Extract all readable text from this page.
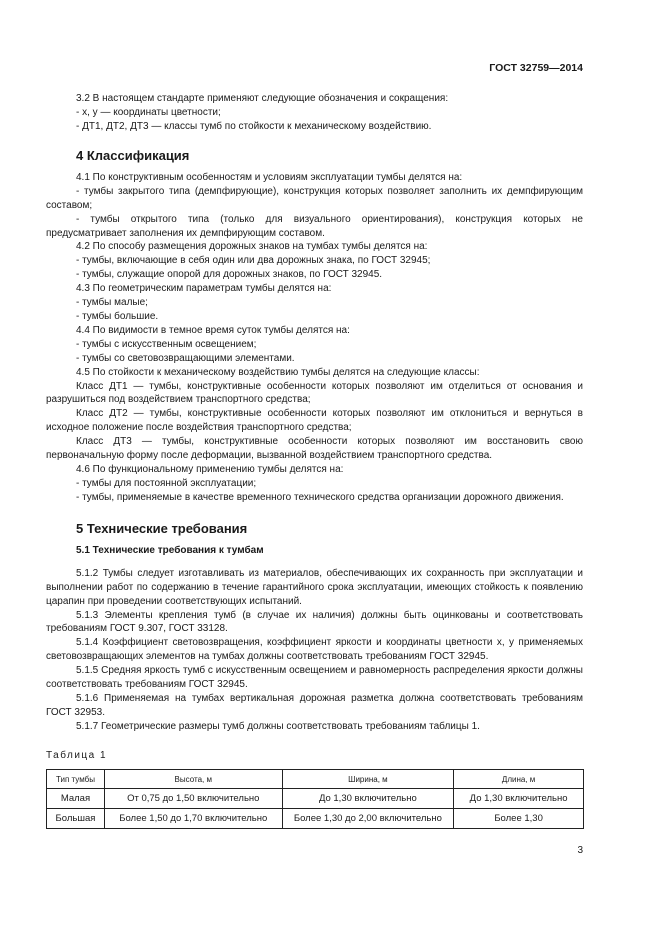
ГОСТ 32759—2014

3.2 В настоящем стандарте применяют следующие обозначения и сокращения:

- x, y — координаты цветности;

- ДТ1, ДТ2, ДТ3 — классы тумб по стойкости к механическому воздействию.

4 Классификация

4.1 По конструктивным особенностям и условиям эксплуатации тумбы делятся на:

- тумбы закрытого типа (демпфирующие), конструкция которых позволяет заполнить их демпфирующим составом;

- тумбы открытого типа (только для визуального ориентирования), конструкция которых не предусматривает заполнения их демпфирующим составом.

4.2 По способу размещения дорожных знаков на тумбах тумбы делятся на:

- тумбы, включающие в себя один или два дорожных знака, по ГОСТ 32945;

- тумбы, служащие опорой для дорожных знаков, по ГОСТ 32945.

4.3 По геометрическим параметрам тумбы делятся на:

- тумбы малые;

- тумбы большие.

4.4 По видимости в темное время суток тумбы делятся на:

- тумбы с искусственным освещением;

- тумбы со световозвращающими элементами.

4.5 По стойкости к механическому воздействию тумбы делятся на следующие классы:

Класс ДТ1 — тумбы, конструктивные особенности которых позволяют им отделиться от основания и разрушиться под воздействием транспортного средства;

Класс ДТ2 — тумбы, конструктивные особенности которых позволяют им отклониться и вернуться в исходное положение после воздействия транспортного средства;

Класс ДТ3 — тумбы, конструктивные особенности которых позволяют им восстановить свою первоначальную форму после деформации, вызванной воздействием транспортного средства.

4.6 По функциональному применению тумбы делятся на:

- тумбы для постоянной эксплуатации;

- тумбы, применяемые в качестве временного технического средства организации дорожного движения.

5 Технические требования

5.1 Технические требования к тумбам

5.1.2 Тумбы следует изготавливать из материалов, обеспечивающих их сохранность при эксплуатации и выполнении работ по содержанию в течение гарантийного срока эксплуатации, имеющих стойкость к появлению царапин при проведении соответствующих испытаний.

5.1.3 Элементы крепления тумб (в случае их наличия) должны быть оцинкованы и соответствовать требованиям ГОСТ 9.307, ГОСТ 33128.

5.1.4 Коэффициент световозвращения, коэффициент яркости и координаты цветности x, y применяемых световозвращающих элементов на тумбах должны соответствовать требованиям ГОСТ 32945.

5.1.5 Средняя яркость тумб с искусственным освещением и равномерность распределения яркости должны соответствовать требованиям ГОСТ 32945.

5.1.6 Применяемая на тумбах вертикальная дорожная разметка должна соответствовать требованиям ГОСТ 32953.

5.1.7 Геометрические размеры тумб должны соответствовать требованиям таблицы 1.

Таблица 1
Тип тумбы	Высота, м	Ширина, м	Длина, м
Малая	От 0,75 до 1,50 включительно	До 1,30 включительно	До 1,30 включительно
Большая	Более 1,50 до 1,70 включительно	Более 1,30 до 2,00 включительно	Более 1,30
3
